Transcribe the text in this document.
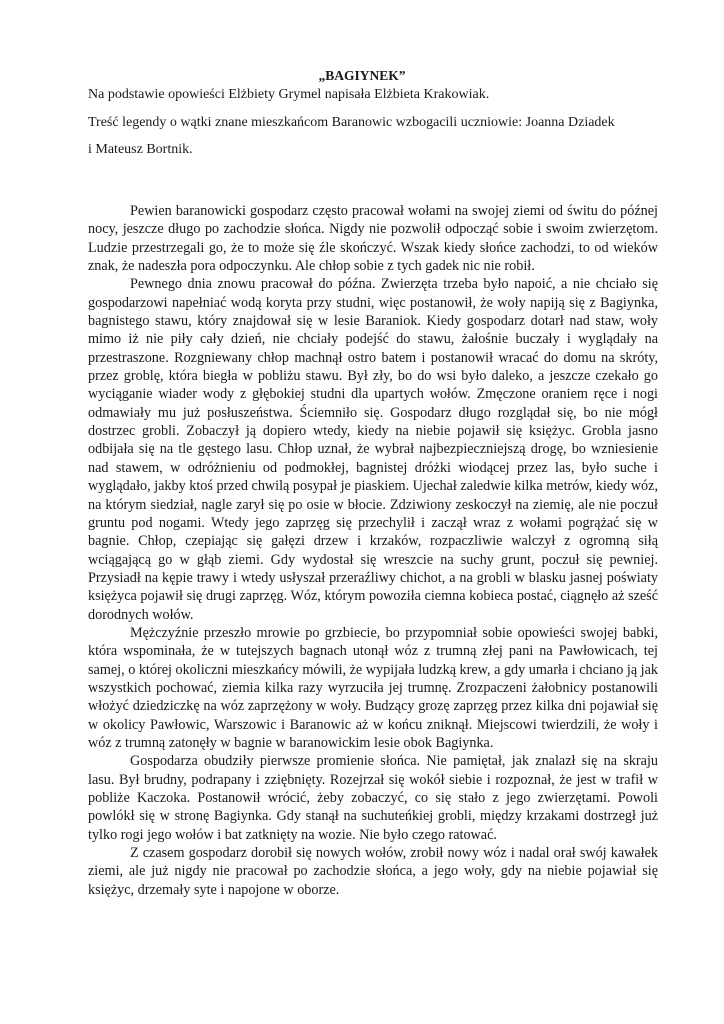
„BAGIYNEK”

Na podstawie opowieści Elżbiety Grymel napisała Elżbieta Krakowiak.

Treść legendy o wątki znane mieszkańcom Baranowic wzbogacili uczniowie: Joanna Dziadek

i Mateusz Bortnik.

Pewien baranowicki gospodarz często pracował wołami na swojej ziemi od świtu do późnej nocy, jeszcze długo po zachodzie słońca. Nigdy nie pozwolił odpocząć sobie i swoim zwierzętom. Ludzie przestrzegali go, że to może się źle skończyć. Wszak kiedy słońce zachodzi, to od wieków znak, że nadeszła pora odpoczynku. Ale chłop sobie z tych gadek nic nie robił.

Pewnego dnia znowu pracował do późna. Zwierzęta trzeba było napoić, a nie chciało się gospodarzowi napełniać wodą koryta przy studni, więc postanowił, że woły napiją się z Bagiynka, bagnistego stawu, który znajdował się w lesie Baraniok. Kiedy gospodarz dotarł nad staw, woły mimo iż nie piły cały dzień, nie chciały podejść do stawu, żałośnie buczały i wyglądały na przestraszone. Rozgniewany chłop machnął ostro batem i postanowił wracać do domu na skróty, przez groblę, która biegła w pobliżu stawu. Był zły, bo do wsi było daleko, a jeszcze czekało go wyciąganie wiader wody z głębokiej studni dla upartych wołów. Zmęczone oraniem ręce i nogi odmawiały mu już posłuszeństwa. Ściemniło się. Gospodarz długo rozglądał się, bo nie mógł dostrzec grobli. Zobaczył ją dopiero wtedy, kiedy na niebie pojawił się księżyc. Grobla jasno odbijała się na tle gęstego lasu. Chłop uznał, że wybrał najbezpieczniejszą drogę, bo wzniesienie nad stawem, w odróżnieniu od podmokłej, bagnistej dróżki wiodącej przez las, było suche i wyglądało, jakby ktoś przed chwilą posypał je piaskiem. Ujechał zaledwie kilka metrów, kiedy wóz, na którym siedział, nagle zarył się po osie w błocie. Zdziwiony zeskoczył na ziemię, ale nie poczuł gruntu pod nogami. Wtedy jego zaprzęg się przechylił i zaczął wraz z wołami pogrążać się w bagnie. Chłop, czepiając się gałęzi drzew i krzaków, rozpaczliwie walczył z ogromną siłą wciągającą go w głąb ziemi. Gdy wydostał się wreszcie na suchy grunt, poczuł się pewniej. Przysiadł na kępie trawy i wtedy usłyszał przeraźliwy chichot, a na grobli w blasku jasnej poświaty księżyca pojawił się drugi zaprzęg. Wóz, którym powoziła ciemna kobieca postać, ciągnęło aż sześć dorodnych wołów.

Mężczyźnie przeszło mrowie po grzbiecie, bo przypomniał sobie opowieści swojej babki, która wspominała, że w tutejszych bagnach utonął wóz z trumną złej pani na Pawłowicach, tej samej, o której okoliczni mieszkańcy mówili, że wypijała ludzką krew, a gdy umarła i chciano ją jak wszystkich pochować, ziemia kilka razy wyrzuciła jej trumnę. Zrozpaczeni żałobnicy postanowili włożyć dziedziczkę na wóz zaprzężony w woły. Budzący grozę zaprzęg przez kilka dni pojawiał się w okolicy Pawłowic, Warszowic i Baranowic aż w końcu zniknął. Miejscowi twierdzili, że woły i wóz z trumną zatonęły w bagnie w baranowickim lesie obok Bagiynka.

Gospodarza obudziły pierwsze promienie słońca. Nie pamiętał, jak znalazł się na skraju lasu. Był brudny, podrapany i zziębnięty. Rozejrzał się wokół siebie i rozpoznał, że jest w trafił w pobliże Kaczoka. Postanowił wrócić, żeby zobaczyć, co się stało z jego zwierzętami. Powoli powlókł się w stronę Bagiynka. Gdy stanął na suchuteńkiej grobli, między krzakami dostrzegł już tylko rogi jego wołów i bat zatknięty na wozie. Nie było czego ratować.

Z czasem gospodarz dorobił się nowych wołów, zrobił nowy wóz i nadal orał swój kawałek ziemi, ale już nigdy nie pracował po zachodzie słońca, a jego woły, gdy na niebie pojawiał się księżyc, drzemały syte i napojone w oborze.
